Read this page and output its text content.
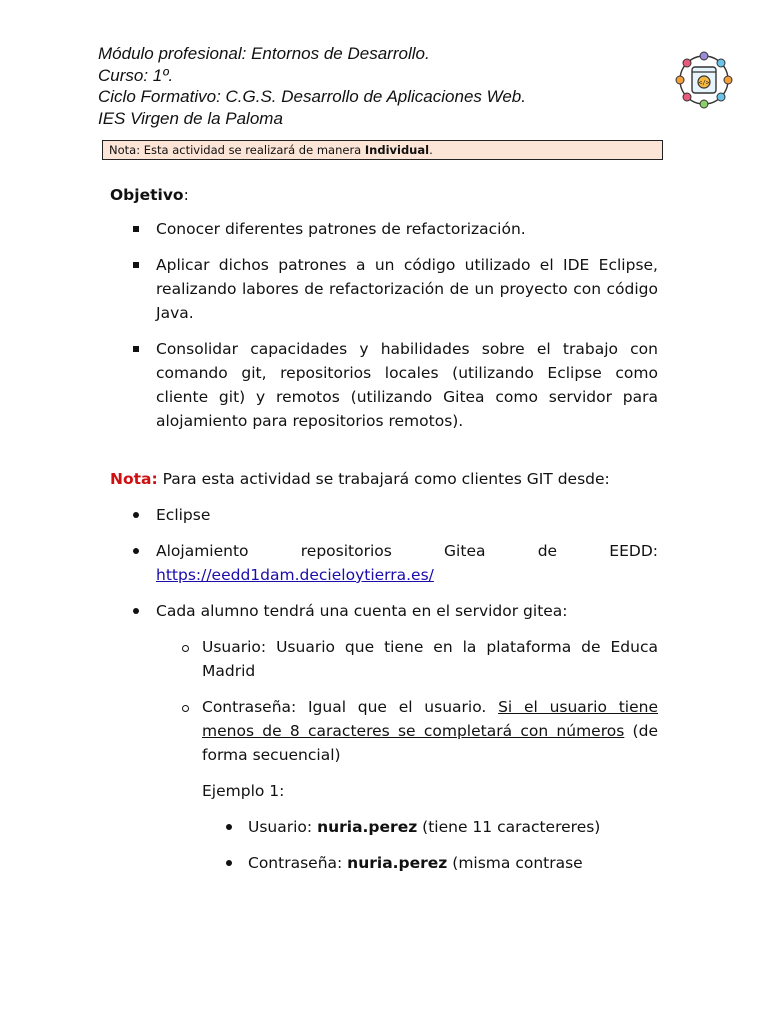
Módulo profesional: Entornos de Desarrollo.
Curso: 1º.
Ciclo Formativo: C.G.S. Desarrollo de Aplicaciones Web.
IES Virgen de la Paloma
</>
Nota: Esta actividad se realizará de manera Individual.
Objetivo:
Conocer diferentes patrones de refactorización.
Aplicar dichos patrones a un código utilizado el IDE Eclipse, realizando labores de refactorización de un proyecto con código Java.
Consolidar capacidades y habilidades sobre el trabajo con comando git, repositorios locales (utilizando Eclipse como cliente git) y remotos (utilizando Gitea como servidor para alojamiento para repositorios remotos).
Nota: Para esta actividad se trabajará como clientes GIT desde:
Eclipse
Alojamiento	repositorios	Gitea	de	EEDD:
https://eedd1dam.decieloytierra.es/
Cada alumno tendrá una cuenta en el servidor gitea:
Usuario: Usuario que tiene en la plataforma de Educa Madrid
Contraseña: Igual que el usuario. Si el usuario tiene menos de 8 caracteres se completará con números (de forma secuencial)
Ejemplo 1:
Usuario: nuria.perez (tiene 11 caractereres)
Contraseña: nuria.perez (misma contrase
